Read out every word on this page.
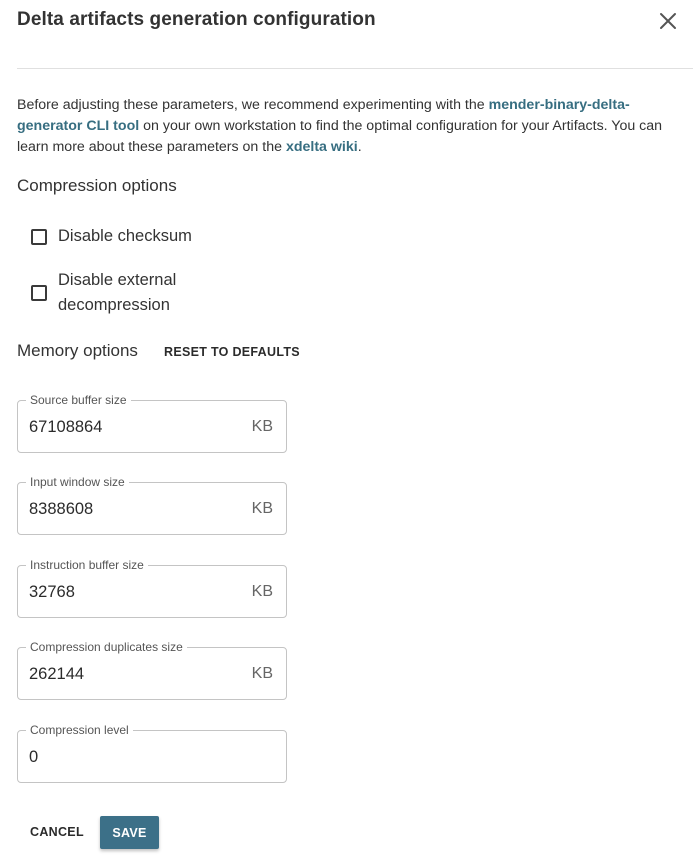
Delta artifacts generation configuration

Before adjusting these parameters, we recommend experimenting with the mender-binary-delta-generator CLI tool on your own workstation to find the optimal configuration for your Artifacts. You can learn more about these parameters on the xdelta wiki.

Compression options
Disable checksum
Disable external decompression
Memory options RESET TO DEFAULTS
Source buffer size
67108864
KB
Input window size
8388608
KB
Instruction buffer size
32768
KB
Compression duplicates size
262144
KB
Compression level
0
CANCEL	SAVE
